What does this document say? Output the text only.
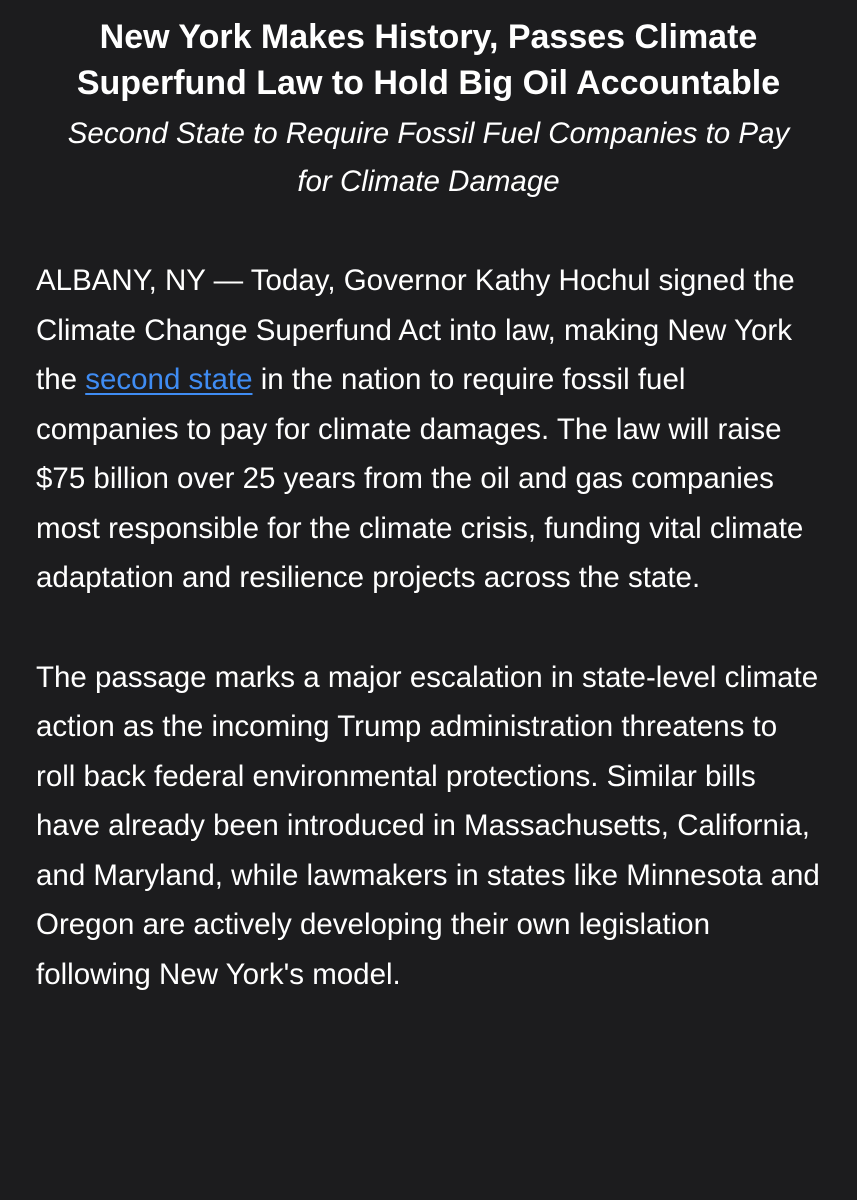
New York Makes History, Passes Climate Superfund Law to Hold Big Oil Accountable

Second State to Require Fossil Fuel Companies to Pay for Climate Damage

ALBANY, NY — Today, Governor Kathy Hochul signed the Climate Change Superfund Act into law, making New York the second state in the nation to require fossil fuel companies to pay for climate damages. The law will raise $75 billion over 25 years from the oil and gas companies most responsible for the climate crisis, funding vital climate adaptation and resilience projects across the state.

The passage marks a major escalation in state-level climate action as the incoming Trump administration threatens to roll back federal environmental protections. Similar bills have already been introduced in Massachusetts, California, and Maryland, while lawmakers in states like Minnesota and Oregon are actively developing their own legislation following New York's model.
